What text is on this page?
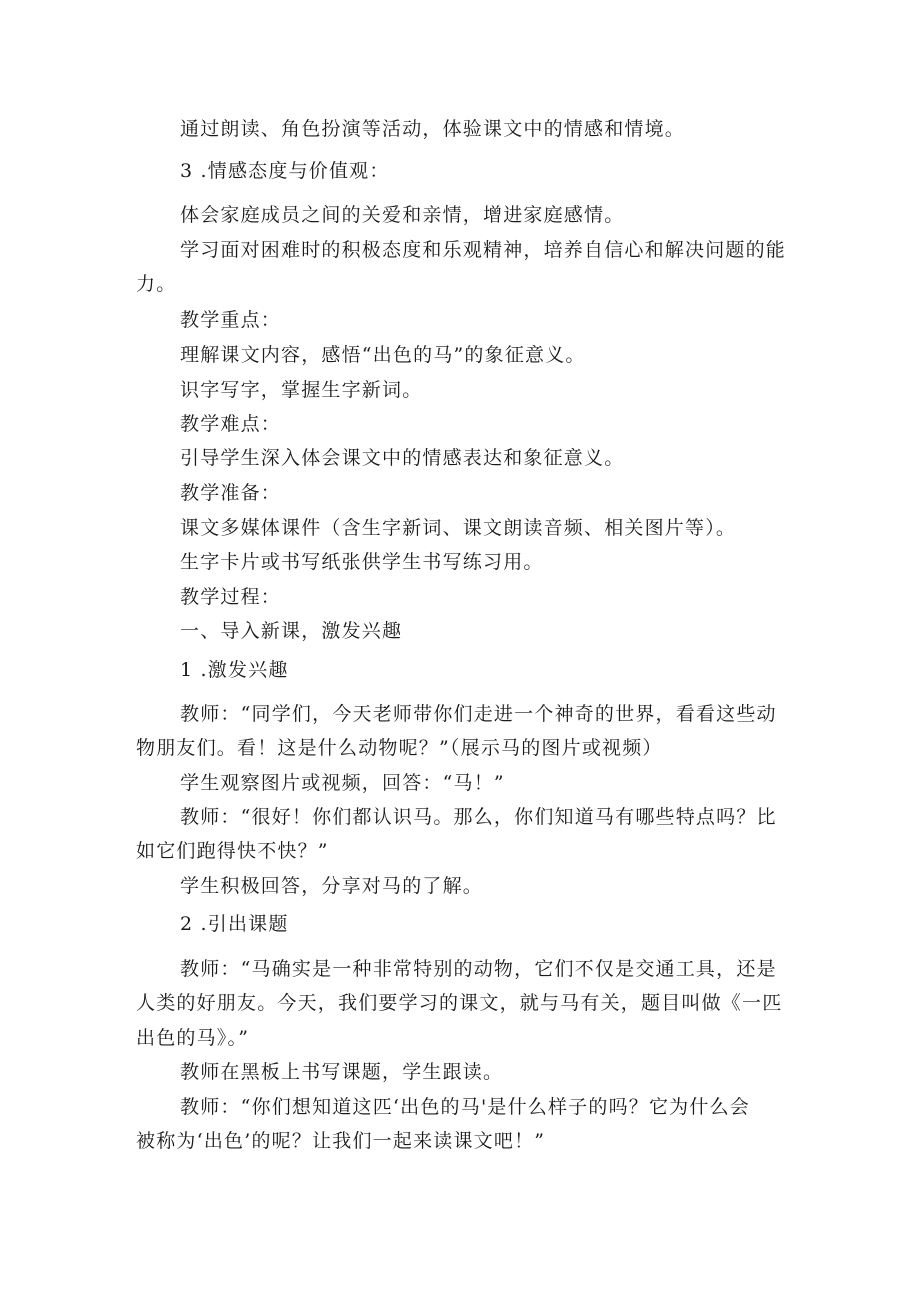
通过朗读、角色扮演等活动，体验课文中的情感和情境。
3 .情感态度与价值观：
体会家庭成员之间的关爱和亲情，增进家庭感情。
学习面对困难时的积极态度和乐观精神，培养自信心和解决问题的能
力。
教学重点：
理解课文内容，感悟“出色的马”的象征意义。
识字写字，掌握生字新词。
教学难点：
引导学生深入体会课文中的情感表达和象征意义。
教学准备：
课文多媒体课件（含生字新词、课文朗读音频、相关图片等）。
生字卡片或书写纸张供学生书写练习用。
教学过程：
一、导入新课，激发兴趣
1 .激发兴趣
教师：“同学们，今天老师带你们走进一个神奇的世界，看看这些动
物朋友们。看！这是什么动物呢？”（展示马的图片或视频）
学生观察图片或视频，回答：“马！”
教师：“很好！你们都认识马。那么，你们知道马有哪些特点吗？比
如它们跑得快不快？”
学生积极回答，分享对马的了解。
2 .引出课题
教师：“马确实是一种非常特别的动物，它们不仅是交通工具，还是
人类的好朋友。今天，我们要学习的课文，就与马有关，题目叫做《一匹
出色的马》。”
教师在黑板上书写课题，学生跟读。
教师：“你们想知道这匹‘出色的马'是什么样子的吗？它为什么会
被称为‘出色’的呢？让我们一起来读课文吧！”
